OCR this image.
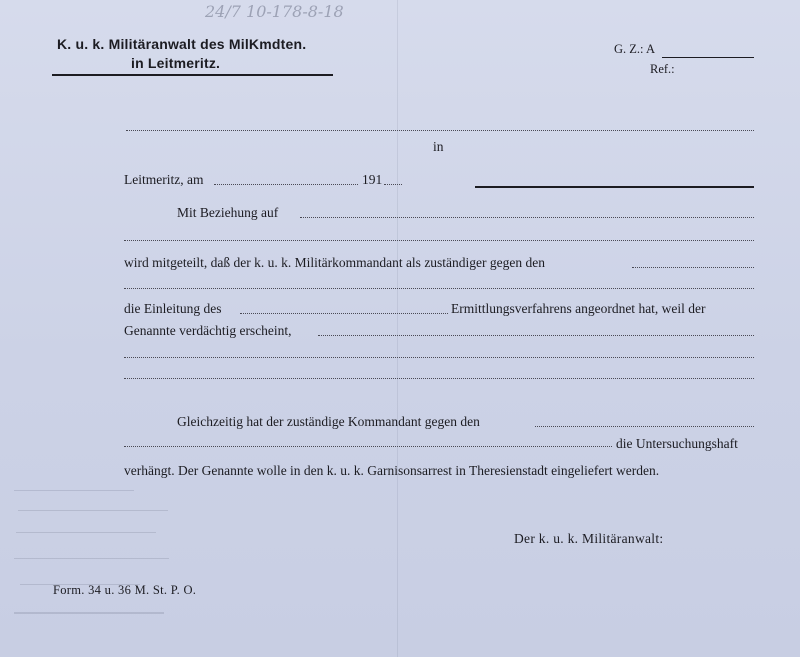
24/7 10-178-8-18
K. u. k. Militäranwalt des MilKmdten.
in Leitmeritz.
G. Z.: A
Ref.:
in
Leitmeritz, am	191
Mit Beziehung auf
wird mitgeteilt, daß der k. u. k. Militärkommandant als zuständiger gegen den
die Einleitung des	Ermittlungsverfahrens angeordnet hat, weil der
Genannte verdächtig erscheint,
Gleichzeitig hat der zuständige Kommandant gegen den
die Untersuchungshaft
verhängt. Der Genannte wolle in den k. u. k. Garnisonsarrest in Theresienstadt eingeliefert werden.
Der k. u. k. Militäranwalt:
Form. 34 u. 36 M. St. P. O.
